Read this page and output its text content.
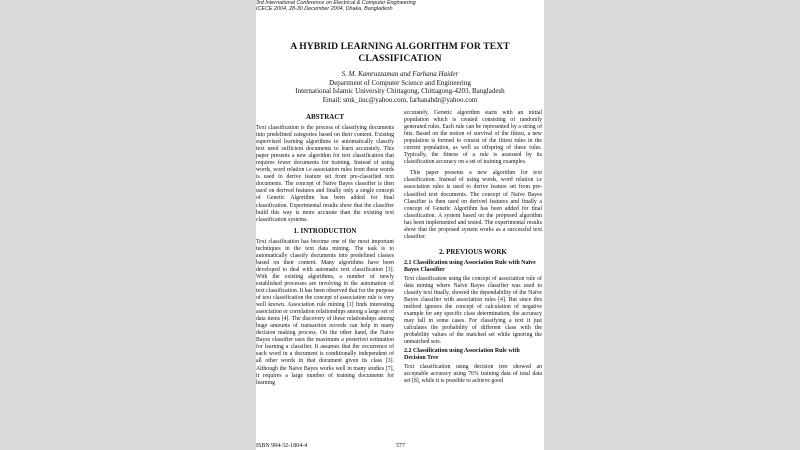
3rd International Conference on Electrical & Computer Engineering
ICECE 2004, 28-30 December 2004, Dhaka, Bangladesh
A HYBRID LEARNING ALGORITHM FOR TEXT
CLASSIFICATION
S. M. Kamruzzaman and Farhana Haider
Department of Computer Science and Engineering
International Islamic University Chittagong, Chittagong-4203, Bangladesh
Email: smk_iiuc@yahoo.com, farhanahdr@yahoo.com
ABSTRACT

Text classification is the process of classifying documents into predefined categories based on their content. Existing supervised learning algorithms to automatically classify text need sufficient documents to learn accurately. This paper presents a new algorithm for text classification that requires fewer documents for training. Instead of using words, word relation i.e association rules from these words is used to derive feature set from pre-classified text documents. The concept of Naïve Bayes classifier is then used on derived features and finally only a single concept of Genetic Algorithm has been added for final classification. Experimental results show that the classifier build this way is more accurate than the existing text classification systems.

1. INTRODUCTION

Text classification has become one of the most important techniques in the text data mining. The task is to automatically classify documents into predefined classes based on their content. Many algorithms have been developed to deal with automatic text classification [3]. With the existing algorithms, a number of newly established processes are involving in the automation of text classification. It has been observed that for the purpose of text classification the concept of association rule is very well known. Association rule mining [1] finds interesting association or correlation relationships among a large set of data items [4]. The discovery of these relationships among huge amounts of transaction records can help in many decision making process. On the other hand, the Naïve Bayes classifier uses the maximum a posteriori estimation for learning a classifier. It assumes that the occurrence of each word in a document is conditionally independent of all other words in that document given its class [3]. Although the Naïve Bayes works well in many studies [7], it requires a large number of training documents for learning

accurately. Genetic algorithm starts with an initial population which is created consisting of randomly generated rules. Each rule can be represented by a string of bits. Based on the notion of survival of the fittest, a new population is formed to consist of the fittest rules in the current population, as well as offspring of these rules. Typically, the fitness of a rule is assessed by its classification accuracy on a set of training examples.

This paper presents a new algorithm for text classification. Instead of using words, word relation i.e association rules is used to derive feature set from pre-classified text documents. The concept of Naïve Bayes Classifier is then used on derived features and finally a concept of Genetic Algorithm has been added for final classification. A system based on the proposed algorithm has been implemented and tested. The experimental results show that the proposed system works as a successful text classifier.

2. PREVIOUS WORK
2.1 Classification using Association Rule with Naïve Bayes Classifier

Text classification using the concept of association rule of data mining where Naïve Bayes classifier was used to classify text finally, showed the dependability of the Naïve Bayes classifier with association rules [4]. But since this method ignores the concept of calculation of negative example for any specific class determination, the accuracy may fall in some cases. For classifying a text it just calculates the probability of different class with the probability values of the matched set while ignoring the unmatched sets.

2.2 Classification using Association Rule with Decision Tree

Text classification using decision tree showed an acceptable accuracy using 76% training data of total data set [8], while it is possible to achieve good

ISBN 984-32-1804-4	577
